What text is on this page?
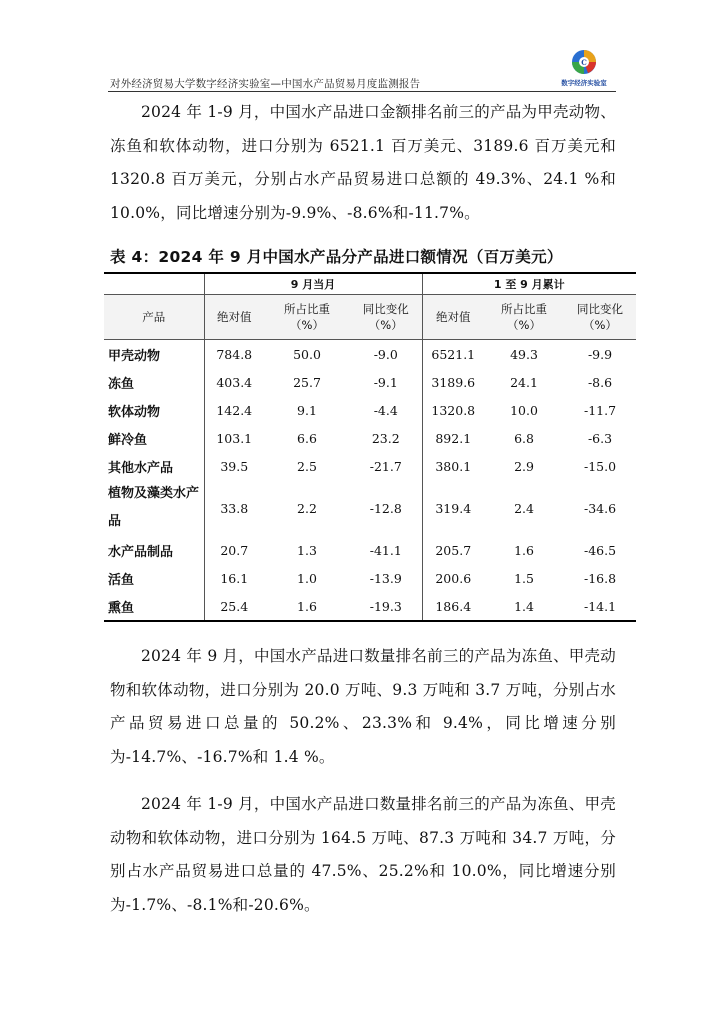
对外经济贸易大学数字经济实验室—中国水产品贸易月度监测报告
C
数字经济实验室
2024 年 1-9 月，中国水产品进口金额排名前三的产品为甲壳动物、冻鱼和软体动物，进口分别为 6521.1 百万美元、3189.6 百万美元和 1320.8 百万美元，分别占水产品贸易进口总额的 49.3%、24.1 %和 10.0%，同比增速分别为-9.9%、-8.6%和-11.7%。
表 4：2024 年 9 月中国水产品分产品进口额情况（百万美元）
	9 月当月			1 至 9 月累计		
产品	绝对值	所占比重（%）	同比变化（%）	绝对值	所占比重（%）	同比变化（%）
甲壳动物	784.8	50.0	-9.0	6521.1	49.3	-9.9
冻鱼	403.4	25.7	-9.1	3189.6	24.1	-8.6
软体动物	142.4	9.1	-4.4	1320.8	10.0	-11.7
鲜冷鱼	103.1	6.6	23.2	892.1	6.8	-6.3
其他水产品	39.5	2.5	-21.7	380.1	2.9	-15.0
植物及藻类水产品	33.8	2.2	-12.8	319.4	2.4	-34.6
水产品制品	20.7	1.3	-41.1	205.7	1.6	-46.5
活鱼	16.1	1.0	-13.9	200.6	1.5	-16.8
熏鱼	25.4	1.6	-19.3	186.4	1.4	-14.1
2024 年 9 月，中国水产品进口数量排名前三的产品为冻鱼、甲壳动物和软体动物，进口分别为 20.0 万吨、9.3 万吨和 3.7 万吨，分别占水产品贸易进口总量的 50.2%、23.3%和 9.4%，同比增速分别为-14.7%、-16.7%和 1.4 %。
2024 年 1-9 月，中国水产品进口数量排名前三的产品为冻鱼、甲壳动物和软体动物，进口分别为 164.5 万吨、87.3 万吨和 34.7 万吨，分别占水产品贸易进口总量的 47.5%、25.2%和 10.0%，同比增速分别为-1.7%、-8.1%和-20.6%。
